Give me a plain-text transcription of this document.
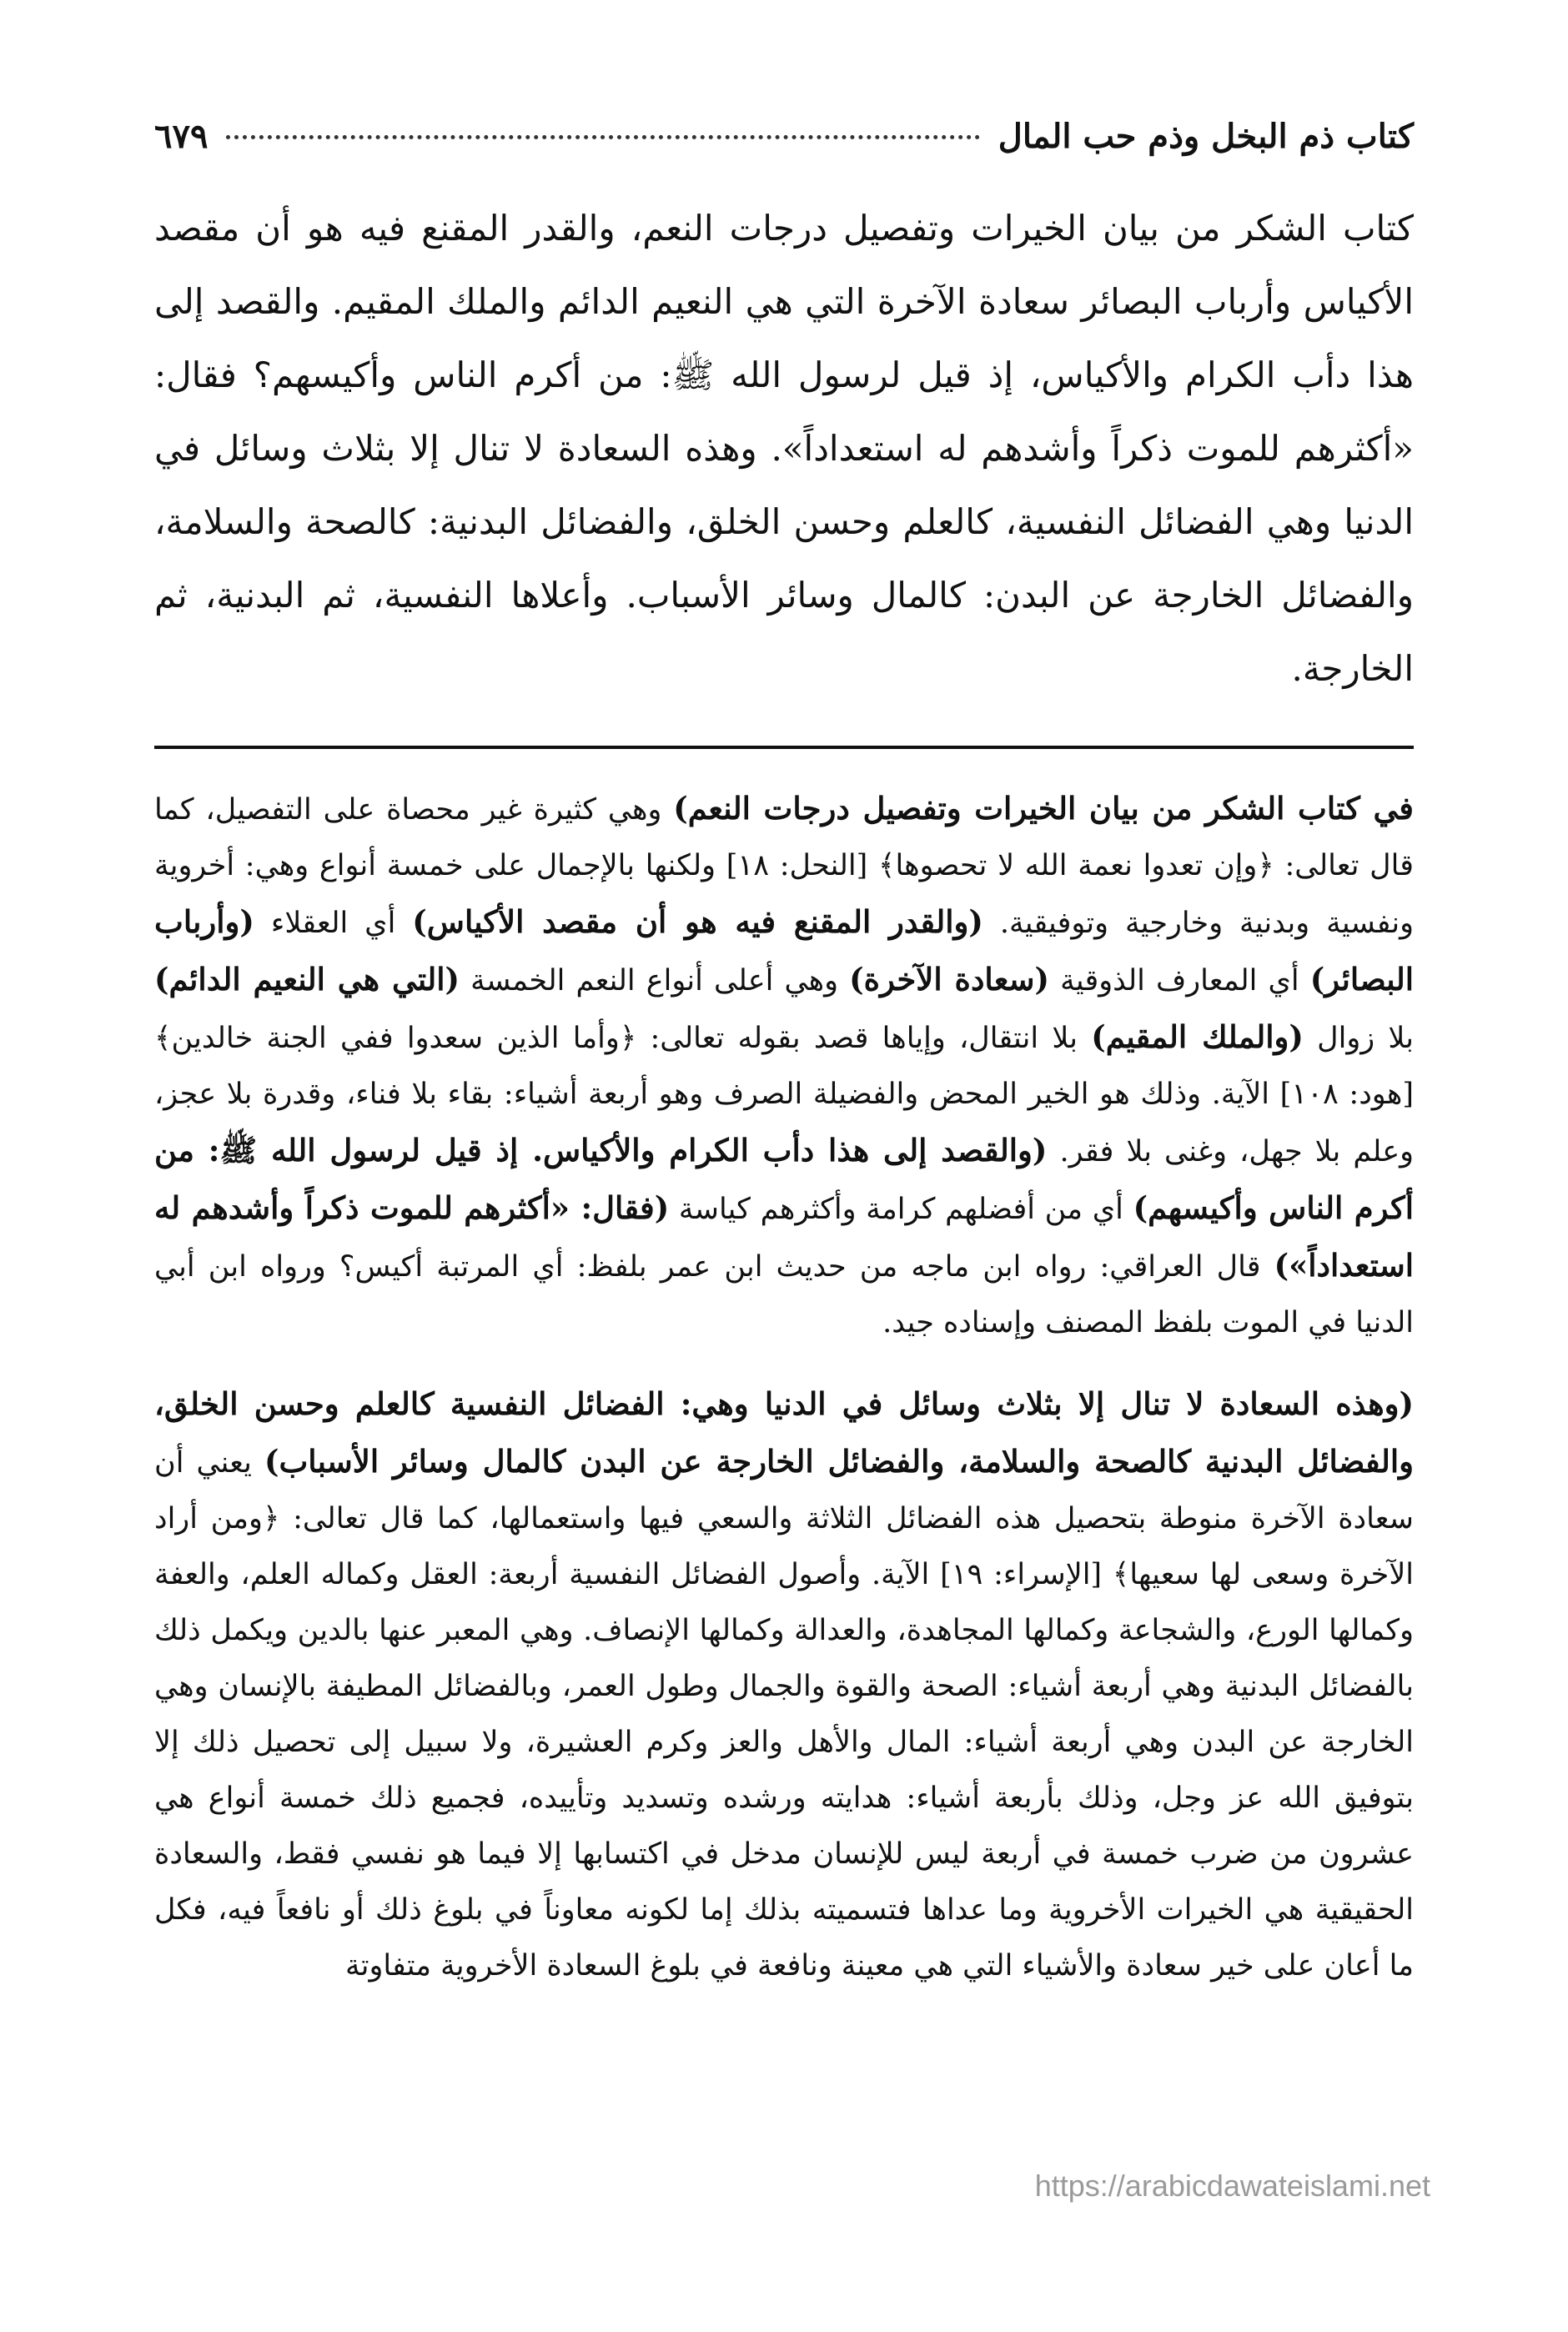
كتاب ذم البخل وذم حب المال
٦٧٩

كتاب الشكر من بيان الخيرات وتفصيل درجات النعم، والقدر المقنع فيه هو أن مقصد الأكياس وأرباب البصائر سعادة الآخرة التي هي النعيم الدائم والملك المقيم. والقصد إلى هذا دأب الكرام والأكياس، إذ قيل لرسول الله ﷺ: من أكرم الناس وأكيسهم؟ فقال: «أكثرهم للموت ذكراً وأشدهم له استعداداً». وهذه السعادة لا تنال إلا بثلاث وسائل في الدنيا وهي الفضائل النفسية، كالعلم وحسن الخلق، والفضائل البدنية: كالصحة والسلامة، والفضائل الخارجة عن البدن: كالمال وسائر الأسباب. وأعلاها النفسية، ثم البدنية، ثم الخارجة.

في كتاب الشكر من بيان الخيرات وتفصيل درجات النعم) وهي كثيرة غير محصاة على التفصيل، كما قال تعالى: ﴿وإن تعدوا نعمة الله لا تحصوها﴾ [النحل: ١٨] ولكنها بالإجمال على خمسة أنواع وهي: أخروية ونفسية وبدنية وخارجية وتوفيقية. (والقدر المقنع فيه هو أن مقصد الأكياس) أي العقلاء (وأرباب البصائر) أي المعارف الذوقية (سعادة الآخرة) وهي أعلى أنواع النعم الخمسة (التي هي النعيم الدائم) بلا زوال (والملك المقيم) بلا انتقال، وإياها قصد بقوله تعالى: ﴿وأما الذين سعدوا ففي الجنة خالدين﴾ [هود: ١٠٨] الآية. وذلك هو الخير المحض والفضيلة الصرف وهو أربعة أشياء: بقاء بلا فناء، وقدرة بلا عجز، وعلم بلا جهل، وغنى بلا فقر. (والقصد إلى هذا دأب الكرام والأكياس. إذ قيل لرسول الله ﷺ: من أكرم الناس وأكيسهم) أي من أفضلهم كرامة وأكثرهم كياسة (فقال: «أكثرهم للموت ذكراً وأشدهم له استعداداً») قال العراقي: رواه ابن ماجه من حديث ابن عمر بلفظ: أي المرتبة أكيس؟ ورواه ابن أبي الدنيا في الموت بلفظ المصنف وإسناده جيد.

(وهذه السعادة لا تنال إلا بثلاث وسائل في الدنيا وهي: الفضائل النفسية كالعلم وحسن الخلق، والفضائل البدنية كالصحة والسلامة، والفضائل الخارجة عن البدن كالمال وسائر الأسباب) يعني أن سعادة الآخرة منوطة بتحصيل هذه الفضائل الثلاثة والسعي فيها واستعمالها، كما قال تعالى: ﴿ومن أراد الآخرة وسعى لها سعيها﴾ [الإسراء: ١٩] الآية. وأصول الفضائل النفسية أربعة: العقل وكماله العلم، والعفة وكمالها الورع، والشجاعة وكمالها المجاهدة، والعدالة وكمالها الإنصاف. وهي المعبر عنها بالدين ويكمل ذلك بالفضائل البدنية وهي أربعة أشياء: الصحة والقوة والجمال وطول العمر، وبالفضائل المطيفة بالإنسان وهي الخارجة عن البدن وهي أربعة أشياء: المال والأهل والعز وكرم العشيرة، ولا سبيل إلى تحصيل ذلك إلا بتوفيق الله عز وجل، وذلك بأربعة أشياء: هدايته ورشده وتسديد وتأييده، فجميع ذلك خمسة أنواع هي عشرون من ضرب خمسة في أربعة ليس للإنسان مدخل في اكتسابها إلا فيما هو نفسي فقط، والسعادة الحقيقية هي الخيرات الأخروية وما عداها فتسميته بذلك إما لكونه معاوناً في بلوغ ذلك أو نافعاً فيه، فكل ما أعان على خير سعادة والأشياء التي هي معينة ونافعة في بلوغ السعادة الأخروية متفاوتة

https://arabicdawateislami.net
